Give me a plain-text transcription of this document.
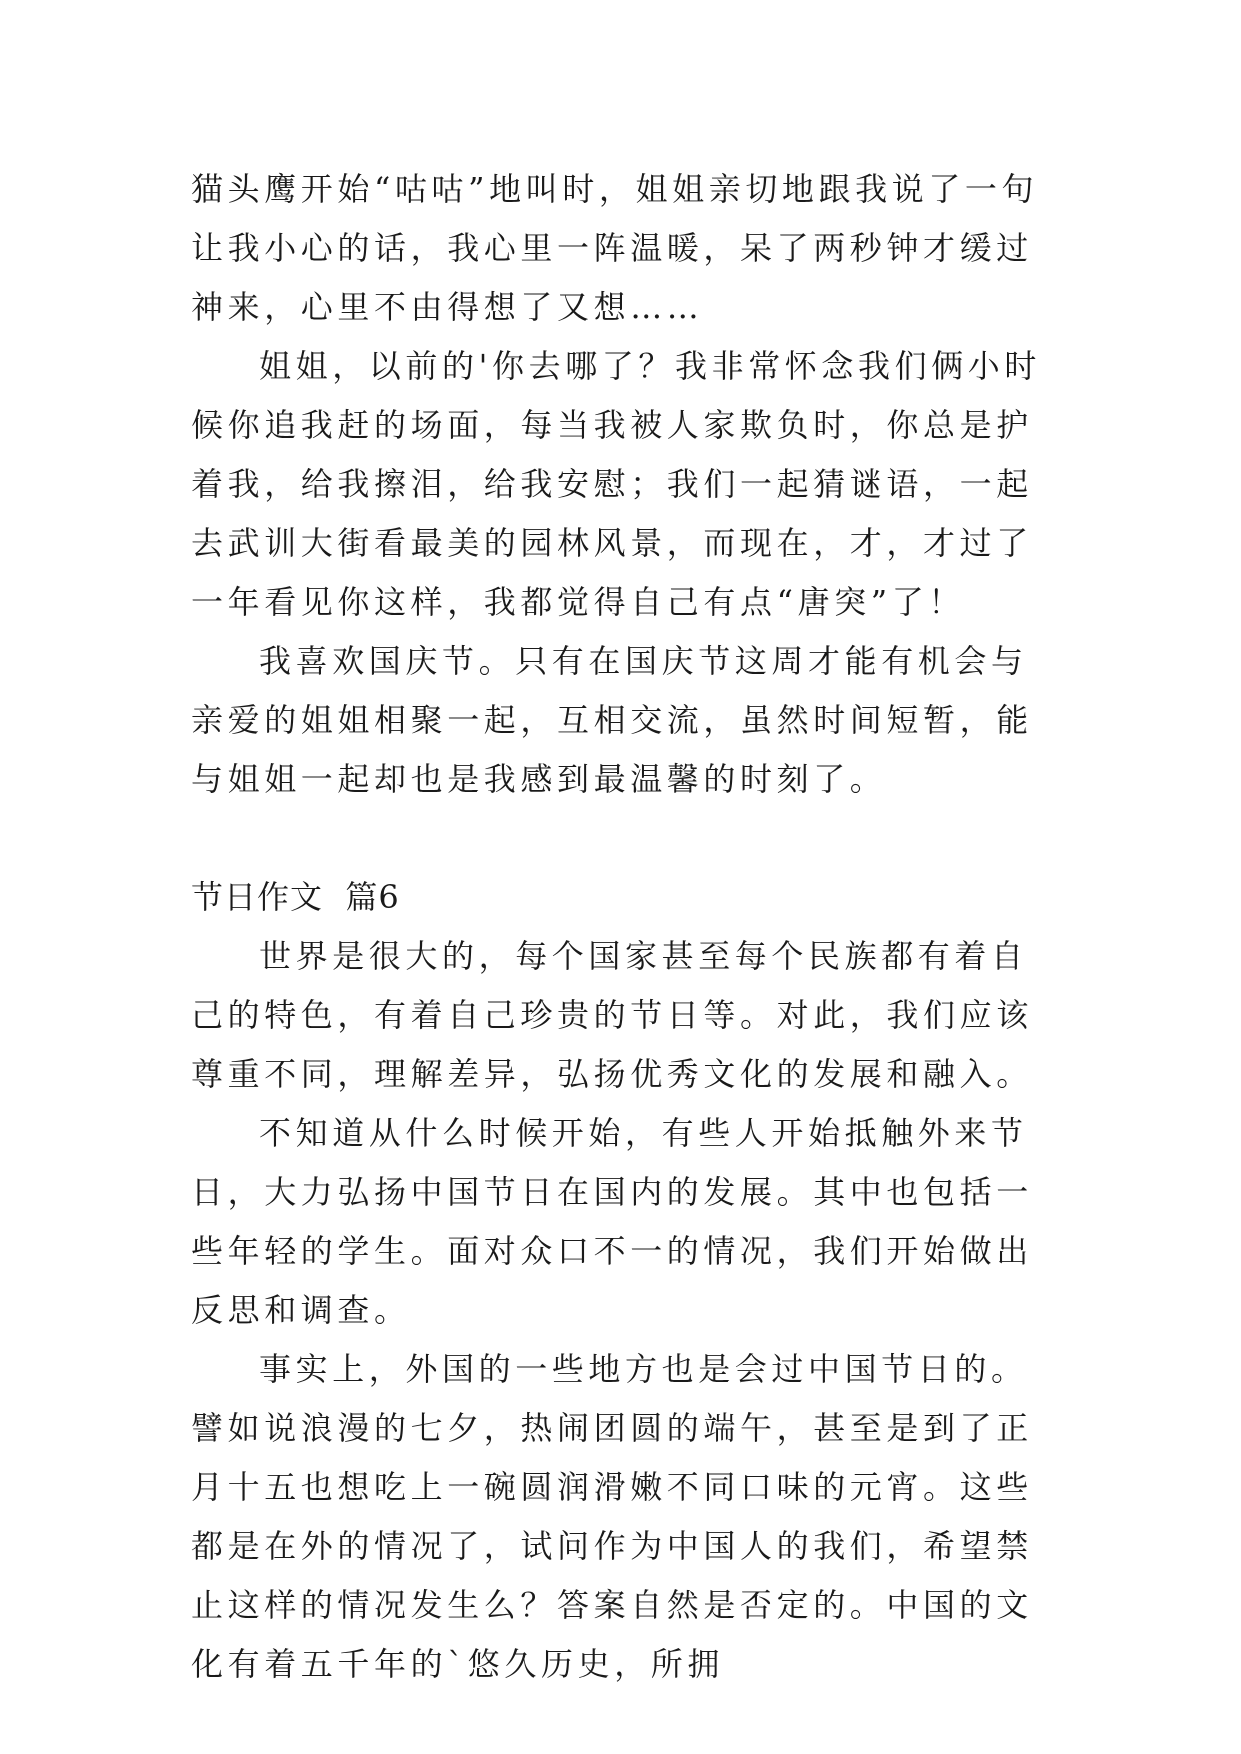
猫头鹰开始“咕咕”地叫时，姐姐亲切地跟我说了一句让我小心的话，我心里一阵温暖，呆了两秒钟才缓过神来，心里不由得想了又想……

姐姐，以前的'你去哪了？我非常怀念我们俩小时候你追我赶的场面，每当我被人家欺负时，你总是护着我，给我擦泪，给我安慰；我们一起猜谜语，一起去武训大街看最美的园林风景，而现在，才，才过了一年看见你这样，我都觉得自己有点“唐突”了！

我喜欢国庆节。只有在国庆节这周才能有机会与亲爱的姐姐相聚一起，互相交流，虽然时间短暂，能与姐姐一起却也是我感到最温馨的时刻了。

节日作文  篇6

世界是很大的，每个国家甚至每个民族都有着自己的特色，有着自己珍贵的节日等。对此，我们应该尊重不同，理解差异，弘扬优秀文化的发展和融入。

不知道从什么时候开始，有些人开始抵触外来节日，大力弘扬中国节日在国内的发展。其中也包括一些年轻的学生。面对众口不一的情况，我们开始做出反思和调查。

事实上，外国的一些地方也是会过中国节日的。譬如说浪漫的七夕，热闹团圆的端午，甚至是到了正月十五也想吃上一碗圆润滑嫩不同口味的元宵。这些都是在外的情况了，试问作为中国人的我们，希望禁止这样的情况发生么？答案自然是否定的。中国的文化有着五千年的`悠久历史，所拥
